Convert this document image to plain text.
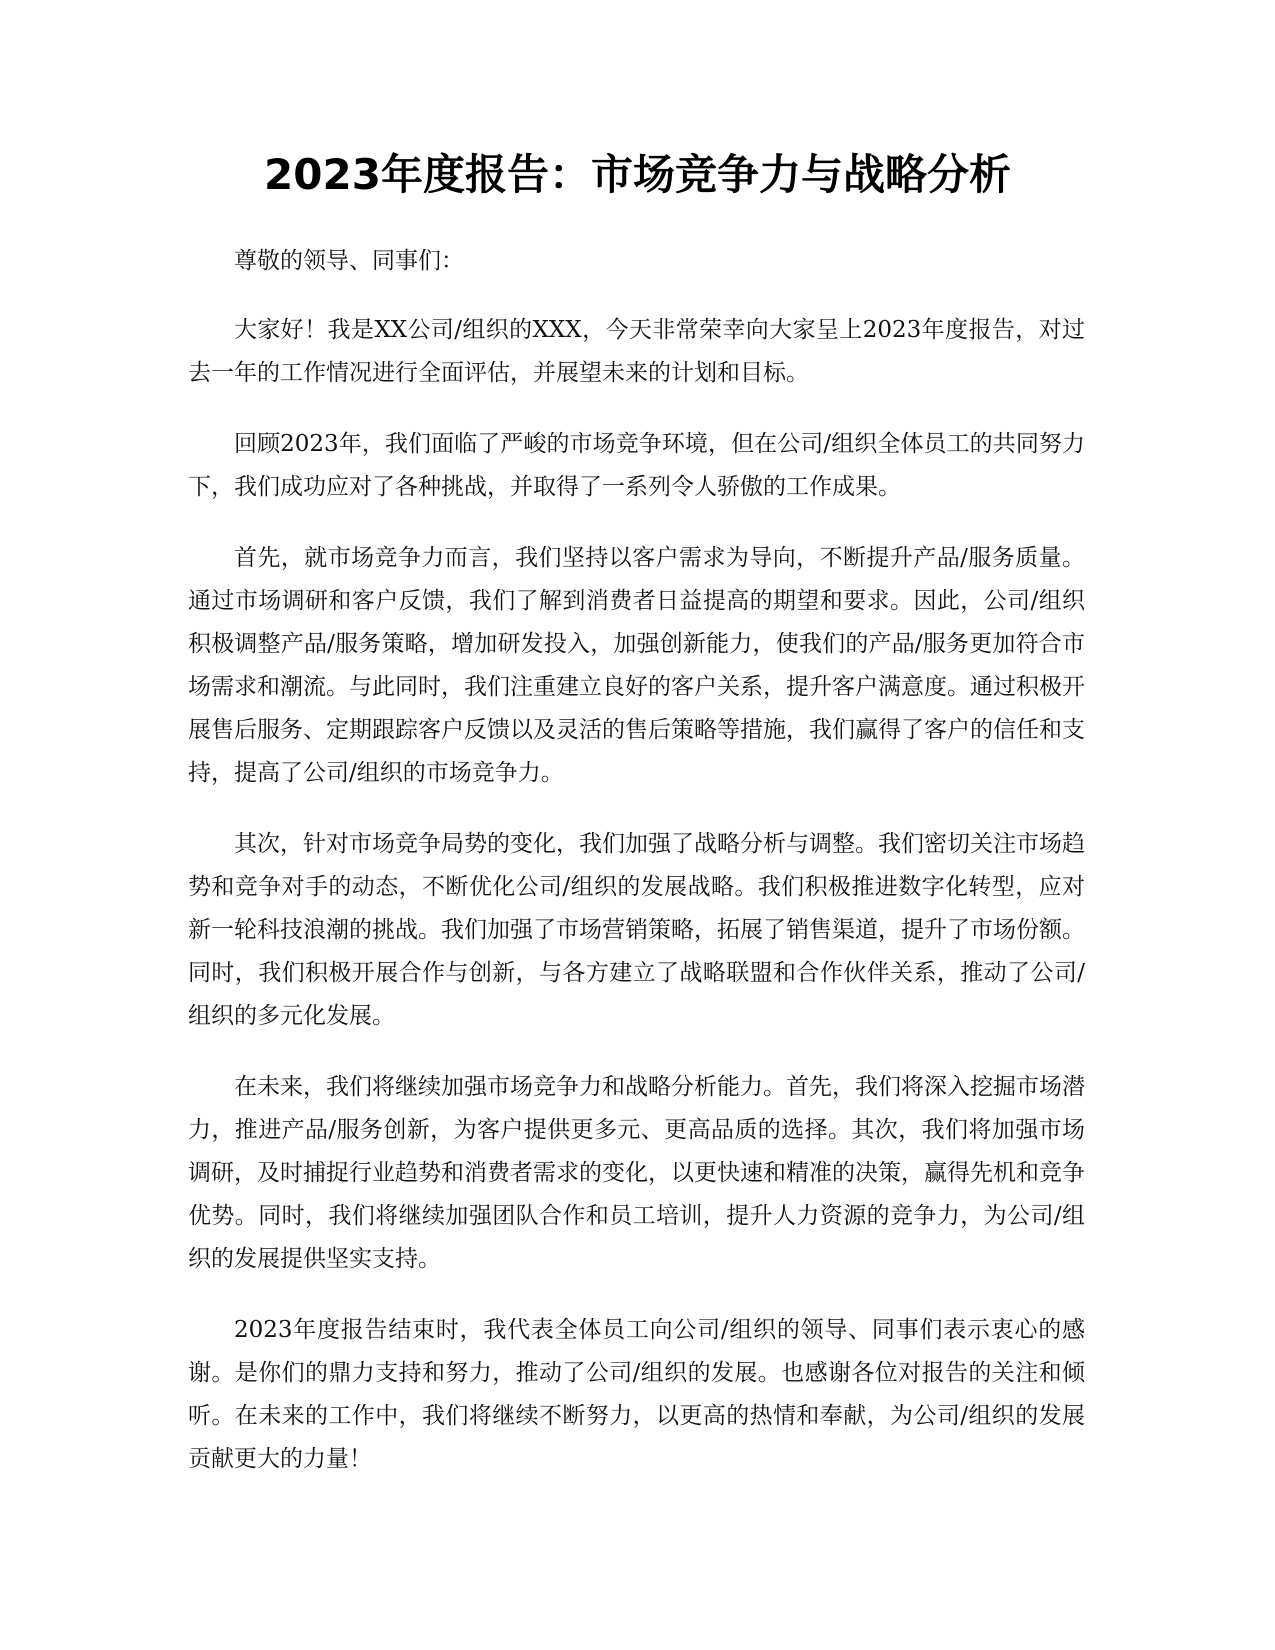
2023年度报告：市场竞争力与战略分析

尊敬的领导、同事们：

大家好！我是XX公司/组织的XXX，今天非常荣幸向大家呈上2023年度报告，对过去一年的工作情况进行全面评估，并展望未来的计划和目标。

回顾2023年，我们面临了严峻的市场竞争环境，但在公司/组织全体员工的共同努力下，我们成功应对了各种挑战，并取得了一系列令人骄傲的工作成果。

首先，就市场竞争力而言，我们坚持以客户需求为导向，不断提升产品/服务质量。通过市场调研和客户反馈，我们了解到消费者日益提高的期望和要求。因此，公司/组织积极调整产品/服务策略，增加研发投入，加强创新能力，使我们的产品/服务更加符合市场需求和潮流。与此同时，我们注重建立良好的客户关系，提升客户满意度。通过积极开展售后服务、定期跟踪客户反馈以及灵活的售后策略等措施，我们赢得了客户的信任和支持，提高了公司/组织的市场竞争力。

其次，针对市场竞争局势的变化，我们加强了战略分析与调整。我们密切关注市场趋势和竞争对手的动态，不断优化公司/组织的发展战略。我们积极推进数字化转型，应对新一轮科技浪潮的挑战。我们加强了市场营销策略，拓展了销售渠道，提升了市场份额。同时，我们积极开展合作与创新，与各方建立了战略联盟和合作伙伴关系，推动了公司/组织的多元化发展。

在未来，我们将继续加强市场竞争力和战略分析能力。首先，我们将深入挖掘市场潜力，推进产品/服务创新，为客户提供更多元、更高品质的选择。其次，我们将加强市场调研，及时捕捉行业趋势和消费者需求的变化，以更快速和精准的决策，赢得先机和竞争优势。同时，我们将继续加强团队合作和员工培训，提升人力资源的竞争力，为公司/组织的发展提供坚实支持。

2023年度报告结束时，我代表全体员工向公司/组织的领导、同事们表示衷心的感谢。是你们的鼎力支持和努力，推动了公司/组织的发展。也感谢各位对报告的关注和倾听。在未来的工作中，我们将继续不断努力，以更高的热情和奉献，为公司/组织的发展贡献更大的力量！
